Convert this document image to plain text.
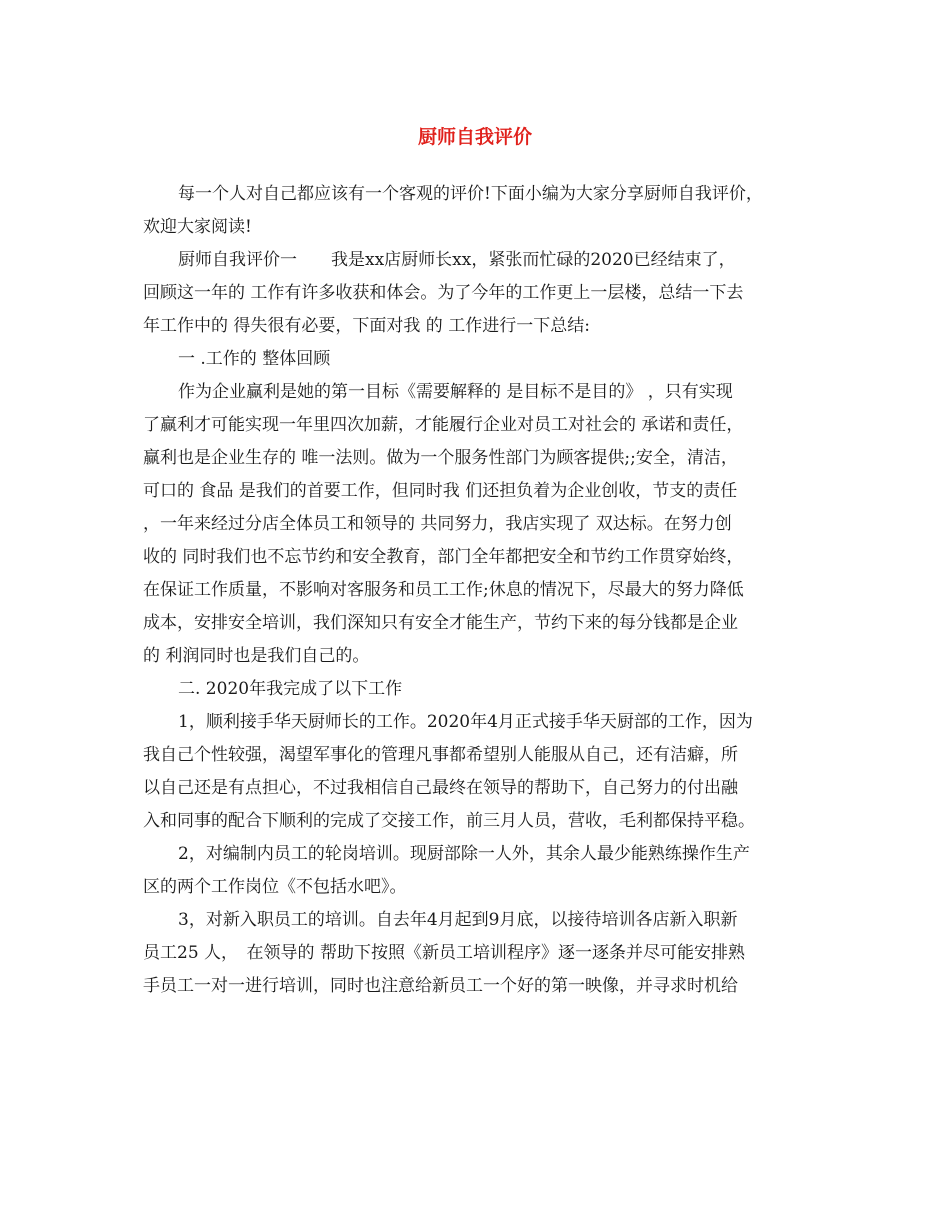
厨师自我评价
每一个人对自己都应该有一个客观的评价!下面小编为大家分享厨师自我评价，
欢迎大家阅读!
厨师自我评价一　　我是xx店厨师长xx，紧张而忙碌的2020已经结束了，
回顾这一年的 工作有许多收获和体会。为了今年的工作更上一层楼，总结一下去
年工作中的 得失很有必要，下面对我 的 工作进行一下总结:
一 .工作的 整体回顾
作为企业赢利是她的第一目标《需要解释的 是目标不是目的》 ，只有实现
了赢利才可能实现一年里四次加薪，才能履行企业对员工对社会的 承诺和责任，
赢利也是企业生存的 唯一法则。做为一个服务性部门为顾客提供;;安全，清洁，
可口的 食品 是我们的首要工作，但同时我 们还担负着为企业创收，节支的责任
，一年来经过分店全体员工和领导的 共同努力，我店实现了 双达标。在努力创
收的 同时我们也不忘节约和安全教育，部门全年都把安全和节约工作贯穿始终，
在保证工作质量，不影响对客服务和员工工作;休息的情况下，尽最大的努力降低
成本，安排安全培训，我们深知只有安全才能生产，节约下来的每分钱都是企业
的 利润同时也是我们自己的。
二. 2020年我完成了以下工作
1，顺利接手华天厨师长的工作。2020年4月正式接手华天厨部的工作，因为
我自己个性较强，渴望军事化的管理凡事都希望别人能服从自己，还有洁癖，所
以自己还是有点担心，不过我相信自己最终在领导的帮助下，自己努力的付出融
入和同事的配合下顺利的完成了交接工作，前三月人员，营收，毛利都保持平稳。
2，对编制内员工的轮岗培训。现厨部除一人外，其余人最少能熟练操作生产
区的两个工作岗位《不包括水吧》。
3，对新入职员工的培训。自去年4月起到9月底，以接待培训各店新入职新
员工25 人，　在领导的 帮助下按照《新员工培训程序》逐一逐条并尽可能安排熟
手员工一对一进行培训，同时也注意给新员工一个好的第一映像，并寻求时机给
